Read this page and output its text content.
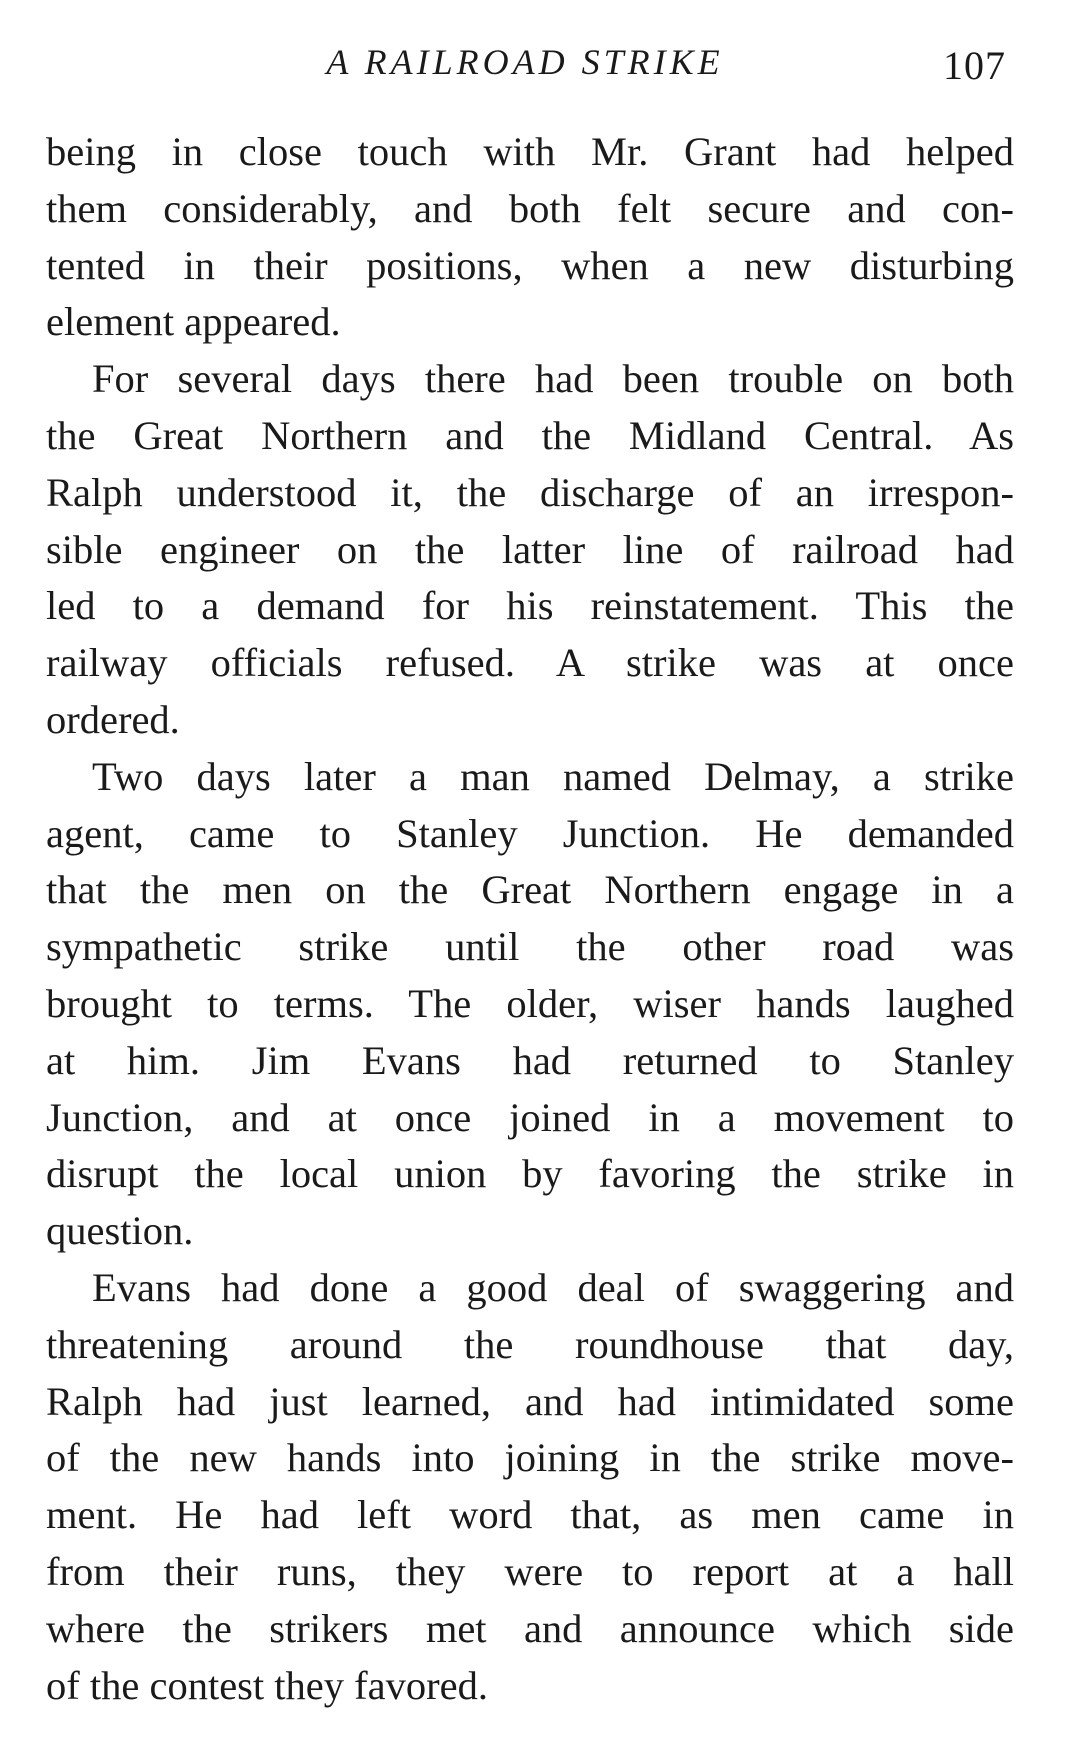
A RAILROAD STRIKE	107
being in close touch with Mr. Grant had helped
them considerably, and both felt secure and con-
tented in their positions, when a new disturbing
element appeared.
For several days there had been trouble on both
the Great Northern and the Midland Central. As
Ralph understood it, the discharge of an irrespon-
sible engineer on the latter line of railroad had
led to a demand for his reinstatement. This the
railway officials refused. A strike was at once
ordered.
Two days later a man named Delmay, a strike
agent, came to Stanley Junction. He demanded
that the men on the Great Northern engage in a
sympathetic strike until the other road was
brought to terms. The older, wiser hands laughed
at him. Jim Evans had returned to Stanley
Junction, and at once joined in a movement to
disrupt the local union by favoring the strike in
question.
Evans had done a good deal of swaggering and
threatening around the roundhouse that day,
Ralph had just learned, and had intimidated some
of the new hands into joining in the strike move-
ment. He had left word that, as men came in
from their runs, they were to report at a hall
where the strikers met and announce which side
of the contest they favored.
